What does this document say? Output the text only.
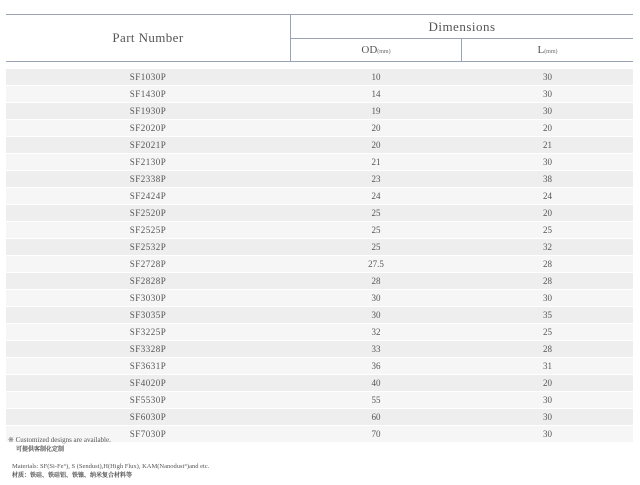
Part Number
Dimensions
OD(mm)	L(mm)
SF1030P	10	30
SF1430P	14	30
SF1930P	19	30
SF2020P	20	20
SF2021P	20	21
SF2130P	21	30
SF2338P	23	38
SF2424P	24	24
SF2520P	25	20
SF2525P	25	25
SF2532P	25	32
SF2728P	27.5	28
SF2828P	28	28
SF3030P	30	30
SF3035P	30	35
SF3225P	32	25
SF3328P	33	28
SF3631P	36	31
SF4020P	40	20
SF5530P	55	30
SF6030P	60	30
SF7030P	70	30
※ Customized designs are available.
可提供客制化定制
Materials: SF(Si-Fe°), S (Sendust),H(High Flux), KAM(Nanodust°)and etc.
材质：铁硅、铁硅铝、铁镍、纳米复合材料等
